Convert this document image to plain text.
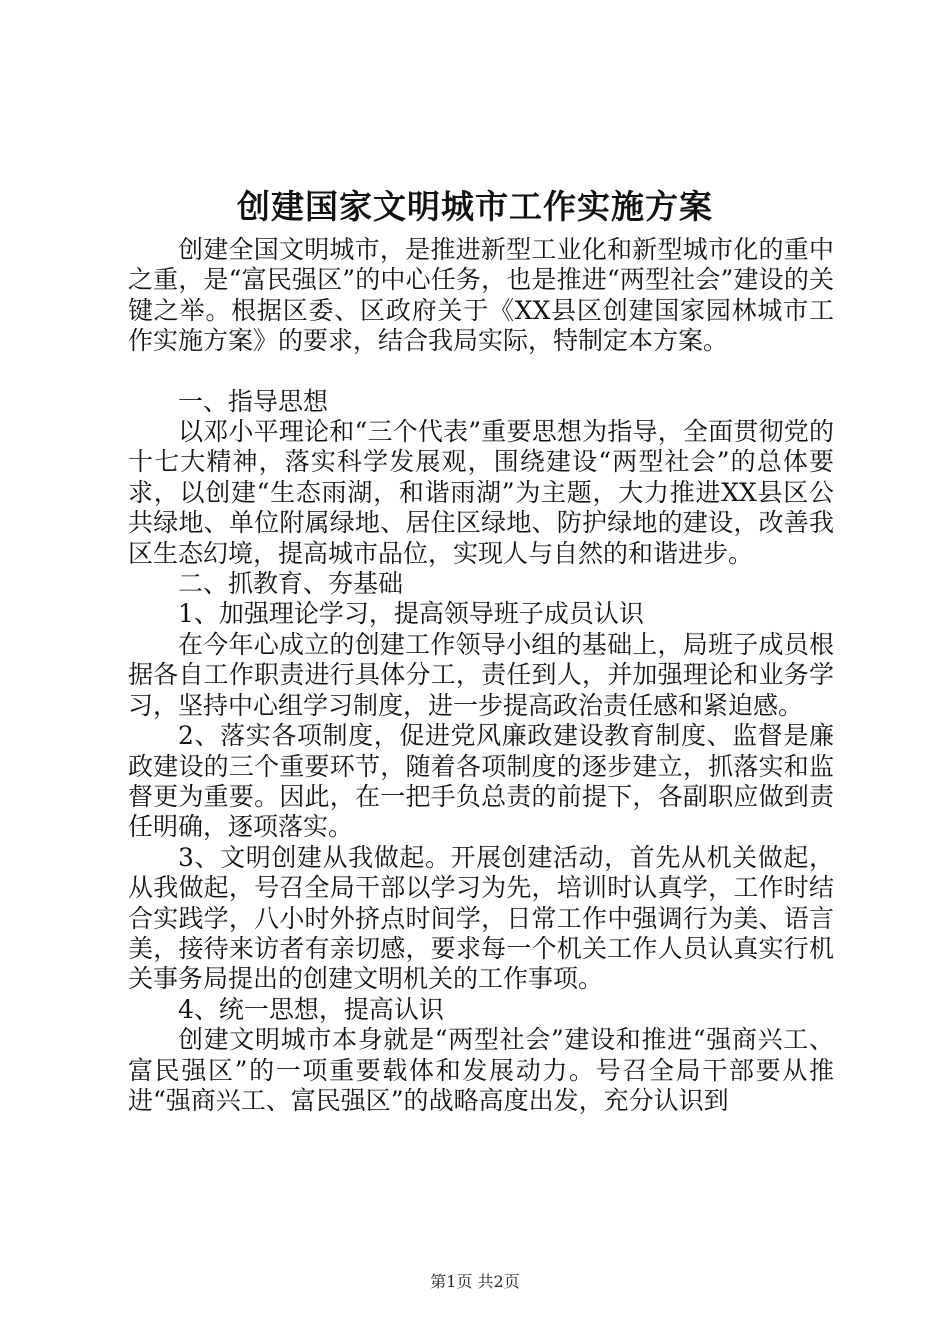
创建国家文明城市工作实施方案

创建全国文明城市，是推进新型工业化和新型城市化的重中之重，是“富民强区”的中心任务，也是推进“两型社会”建设的关键之举。根据区委、区政府关于《XX县区创建国家园林城市工作实施方案》的要求，结合我局实际，特制定本方案。

一、指导思想

以邓小平理论和“三个代表”重要思想为指导，全面贯彻党的十七大精神，落实科学发展观，围绕建设“两型社会”的总体要求，以创建“生态雨湖，和谐雨湖”为主题，大力推进XX县区公共绿地、单位附属绿地、居住区绿地、防护绿地的建设，改善我区生态幻境，提高城市品位，实现人与自然的和谐进步。

二、抓教育、夯基础

1、加强理论学习，提高领导班子成员认识

在今年心成立的创建工作领导小组的基础上，局班子成员根据各自工作职责进行具体分工，责任到人，并加强理论和业务学习，坚持中心组学习制度，进一步提高政治责任感和紧迫感。

2、落实各项制度，促进党风廉政建设教育制度、监督是廉政建设的三个重要环节，随着各项制度的逐步建立，抓落实和监督更为重要。因此，在一把手负总责的前提下，各副职应做到责任明确，逐项落实。

3、文明创建从我做起。开展创建活动，首先从机关做起，从我做起，号召全局干部以学习为先，培训时认真学，工作时结合实践学，八小时外挤点时间学，日常工作中强调行为美、语言美，接待来访者有亲切感，要求每一个机关工作人员认真实行机关事务局提出的创建文明机关的工作事项。

4、统一思想，提高认识

创建文明城市本身就是“两型社会”建设和推进“强商兴工、富民强区”的一项重要载体和发展动力。号召全局干部要从推进“强商兴工、富民强区”的战略高度出发，充分认识到

第1页 共2页
